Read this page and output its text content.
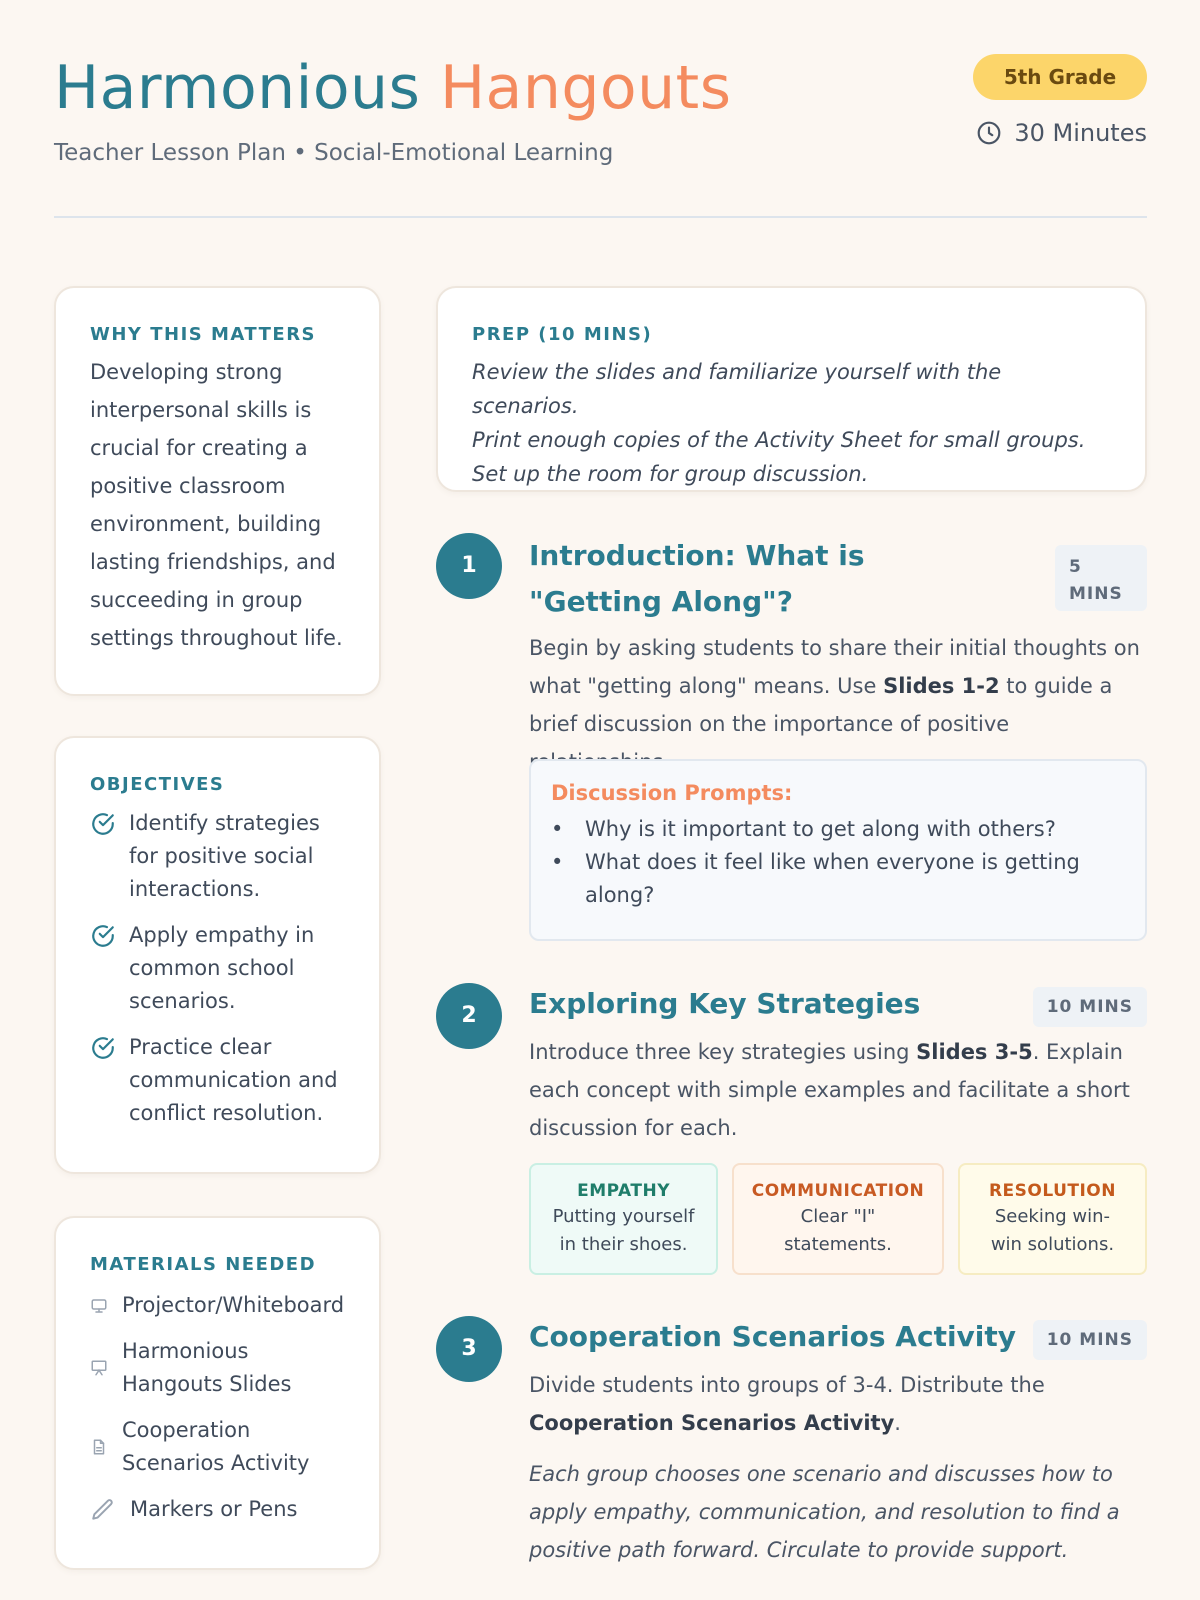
Harmonious Hangouts
Teacher Lesson Plan • Social-Emotional Learning
5th Grade
30 Minutes
WHY THIS MATTERS

Developing strong interpersonal skills is crucial for creating a positive classroom environment, building lasting friendships, and succeeding in group settings throughout life.

OBJECTIVES
Identify strategies for positive social interactions.
Apply empathy in common school scenarios.
Practice clear communication and conflict resolution.
MATERIALS NEEDED
Projector/Whiteboard
Harmonious Hangouts Slides
Cooperation Scenarios Activity
Markers or Pens
PREP (10 MINS)
Review the slides and familiarize yourself with the scenarios.
Print enough copies of the Activity Sheet for small groups.
Set up the room for group discussion.
1	Introduction: What is "Getting Along"?
5
MINS
Begin by asking students to share their initial thoughts on what "getting along" means. Use Slides 1-2 to guide a brief discussion on the importance of positive
Discussion Prompts:
• Why is it important to get along with others?
• What does it feel like when everyone is getting along?
2	Exploring Key Strategies	10 MINS
Introduce three key strategies using Slides 3-5. Explain each concept with simple examples and facilitate a short discussion for each.
EMPATHY
Putting yourself in their shoes.
COMMUNICATION
Clear "I" statements.
RESOLUTION
Seeking win-win solutions.
3	Cooperation Scenarios Activity	10 MINS
Divide students into groups of 3-4. Distribute the Cooperation Scenarios Activity.
Each group chooses one scenario and discusses how to apply empathy, communication, and resolution to find a positive path forward. Circulate to provide support.
